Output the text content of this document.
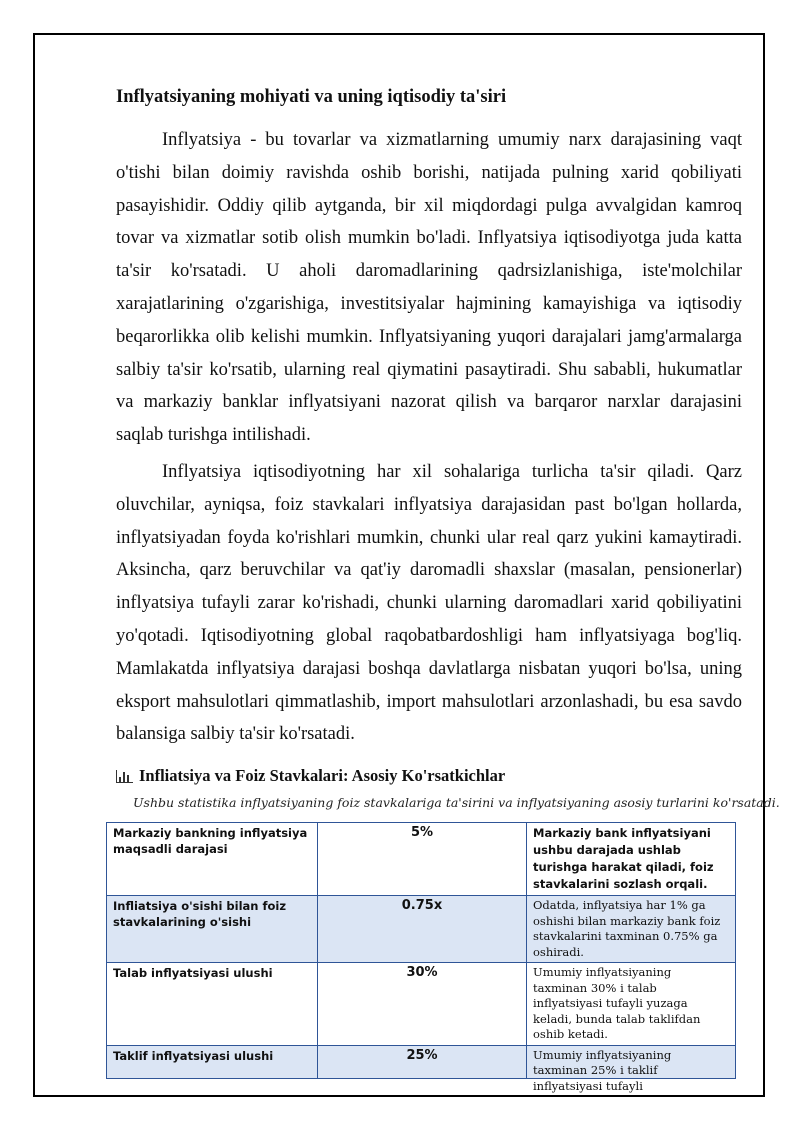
Inflyatsiyaning mohiyati va uning iqtisodiy ta'siri

Inflyatsiya - bu tovarlar va xizmatlarning umumiy narx darajasining vaqt o'tishi bilan doimiy ravishda oshib borishi, natijada pulning xarid qobiliyati pasayishidir. Oddiy qilib aytganda, bir xil miqdordagi pulga avvalgidan kamroq tovar va xizmatlar sotib olish mumkin bo'ladi. Inflyatsiya iqtisodiyotga juda katta ta'sir ko'rsatadi. U aholi daromadlarining qadrsizlanishiga, iste'molchilar xarajatlarining o'zgarishiga, investitsiyalar hajmining kamayishiga va iqtisodiy beqarorlikka olib kelishi mumkin. Inflyatsiyaning yuqori darajalari jamg'armalarga salbiy ta'sir ko'rsatib, ularning real qiymatini pasaytiradi. Shu sababli, hukumatlar va markaziy banklar inflyatsiyani nazorat qilish va barqaror narxlar darajasini saqlab turishga intilishadi.

Inflyatsiya iqtisodiyotning har xil sohalariga turlicha ta'sir qiladi. Qarz oluvchilar, ayniqsa, foiz stavkalari inflyatsiya darajasidan past bo'lgan hollarda, inflyatsiyadan foyda ko'rishlari mumkin, chunki ular real qarz yukini kamaytiradi. Aksincha, qarz beruvchilar va qat'iy daromadli shaxslar (masalan, pensionerlar) inflyatsiya tufayli zarar ko'rishadi, chunki ularning daromadlari xarid qobiliyatini yo'qotadi. Iqtisodiyotning global raqobatbardoshligi ham inflyatsiyaga bog'liq. Mamlakatda inflyatsiya darajasi boshqa davlatlarga nisbatan yuqori bo'lsa, uning eksport mahsulotlari qimmatlashib, import mahsulotlari arzonlashadi, bu esa savdo balansiga salbiy ta'sir ko'rsatadi.

Infliatsiya va Foiz Stavkalari: Asosiy Ko'rsatkichlar
Ushbu statistika inflyatsiyaning foiz stavkalariga ta'sirini va inflyatsiyaning asosiy turlarini ko'rsatadi.
Markaziy bankning inflyatsiya maqsadli darajasi	5%	Markaziy bank inflyatsiyani ushbu darajada ushlab turishga harakat qiladi, foiz stavkalarini sozlash orqali.
Infliatsiya o'sishi bilan foiz stavkalarining o'sishi	0.75x	Odatda, inflyatsiya har 1% ga oshishi bilan markaziy bank foiz stavkalarini taxminan 0.75% ga oshiradi.
Talab inflyatsiyasi ulushi	30%	Umumiy inflyatsiyaning taxminan 30% i talab inflyatsiyasi tufayli yuzaga keladi, bunda talab taklifdan oshib ketadi.
Taklif inflyatsiyasi ulushi	25%	Umumiy inflyatsiyaning taxminan 25% i taklif inflyatsiyasi tufayli
